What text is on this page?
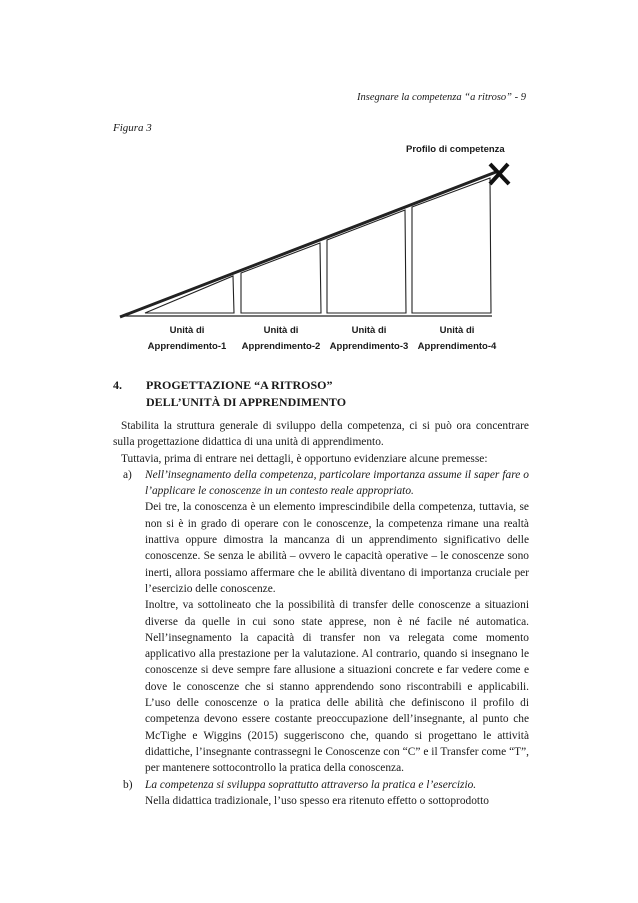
Insegnare la competenza “a ritroso” - 9
Figura 3
Profilo di competenza
Unità di
Apprendimento-1
Unità di
Apprendimento-2
Unità di
Apprendimento-3
Unità di
Apprendimento-4
4. PROGETTAZIONE “A RITROSO”
DELL’UNITÀ DI APPRENDIMENTO

Stabilita la struttura generale di sviluppo della competenza, ci si può ora concentrare sulla progettazione didattica di una unità di apprendimento.

Tuttavia, prima di entrare nei dettagli, è opportuno evidenziare alcune premesse:

a) Nell’insegnamento della competenza, particolare importanza assume il saper fare o l’applicare le conoscenze in un contesto reale appropriato.

Dei tre, la conoscenza è un elemento imprescindibile della competenza, tuttavia, se non si è in grado di operare con le conoscenze, la competenza rimane una realtà inattiva oppure dimostra la mancanza di un apprendimento significativo delle conoscenze. Se senza le abilità – ovvero le capacità operative – le conoscenze sono inerti, allora possiamo affermare che le abilità diventano di importanza cruciale per l’esercizio delle conoscenze.

Inoltre, va sottolineato che la possibilità di transfer delle conoscenze a situazioni diverse da quelle in cui sono state apprese, non è né facile né automatica. Nell’insegnamento la capacità di transfer non va relegata come momento applicativo alla prestazione per la valutazione. Al contrario, quando si insegnano le conoscenze si deve sempre fare allusione a situazioni concrete e far vedere come e dove le conoscenze che si stanno apprendendo sono riscontrabili e applicabili. L’uso delle conoscenze o la pratica delle abilità che definiscono il profilo di competenza devono essere costante preoccupazione dell’insegnante, al punto che McTighe e Wiggins (2015) suggeriscono che, quando si progettano le attività didattiche, l’insegnante contrassegni le Conoscenze con “C” e il Transfer come “T”, per mantenere sottocontrollo la pratica della conoscenza.

b) La competenza si sviluppa soprattutto attraverso la pratica e l’esercizio.

Nella didattica tradizionale, l’uso spesso era ritenuto effetto o sottoprodotto
